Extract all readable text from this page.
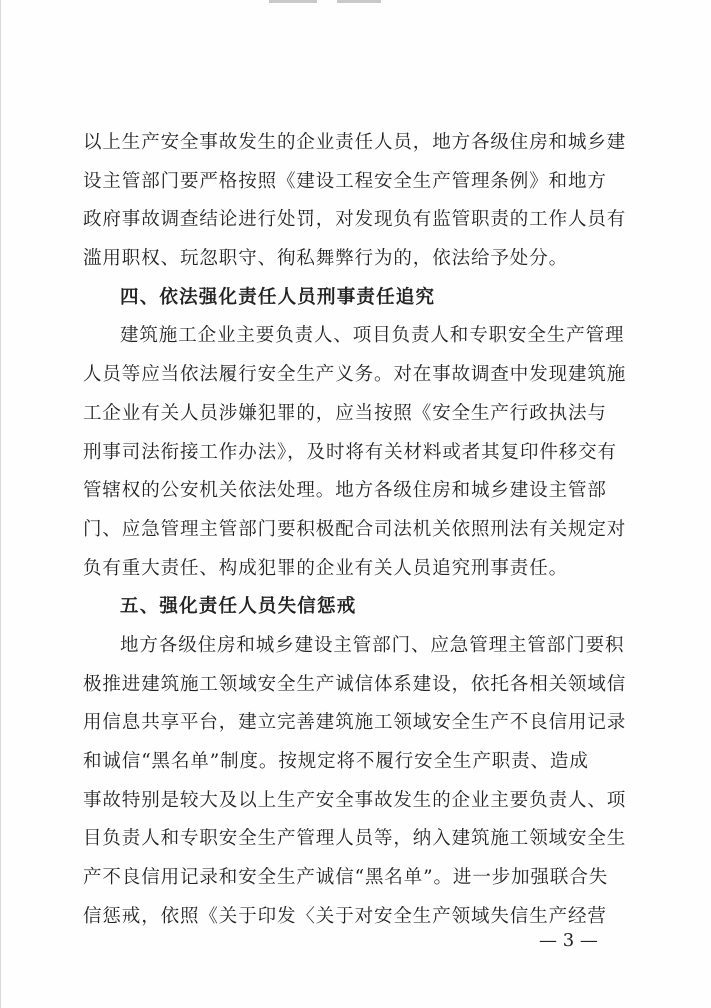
以上生产安全事故发生的企业责任人员，地方各级住房和城乡建
设主管部门要严格按照《建设工程安全生产管理条例》和地方
政府事故调查结论进行处罚，对发现负有监管职责的工作人员有
滥用职权、玩忽职守、徇私舞弊行为的，依法给予处分。
四、依法强化责任人员刑事责任追究
建筑施工企业主要负责人、项目负责人和专职安全生产管理
人员等应当依法履行安全生产义务。对在事故调查中发现建筑施
工企业有关人员涉嫌犯罪的，应当按照《安全生产行政执法与
刑事司法衔接工作办法》，及时将有关材料或者其复印件移交有
管辖权的公安机关依法处理。地方各级住房和城乡建设主管部
门、应急管理主管部门要积极配合司法机关依照刑法有关规定对
负有重大责任、构成犯罪的企业有关人员追究刑事责任。
五、强化责任人员失信惩戒
地方各级住房和城乡建设主管部门、应急管理主管部门要积
极推进建筑施工领域安全生产诚信体系建设，依托各相关领域信
用信息共享平台，建立完善建筑施工领域安全生产不良信用记录
和诚信“黑名单”制度。按规定将不履行安全生产职责、造成
事故特别是较大及以上生产安全事故发生的企业主要负责人、项
目负责人和专职安全生产管理人员等，纳入建筑施工领域安全生
产不良信用记录和安全生产诚信“黑名单”。进一步加强联合失
信惩戒，依照《关于印发〈关于对安全生产领域失信生产经营
— 3 —
